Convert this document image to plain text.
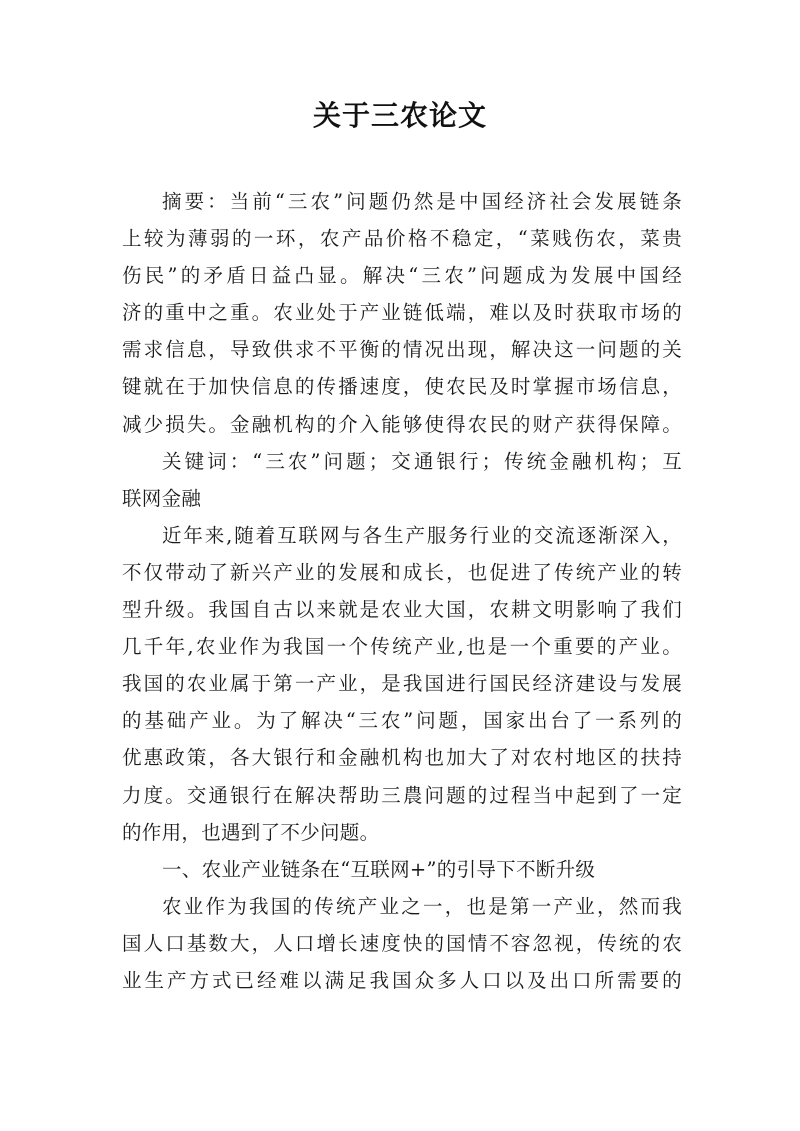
关于三农论文
摘要：当前“三农”问题仍然是中国经济社会发展链条
上较为薄弱的一环，农产品价格不稳定，“菜贱伤农，菜贵
伤民”的矛盾日益凸显。解决“三农”问题成为发展中国经
济的重中之重。农业处于产业链低端，难以及时获取市场的
需求信息，导致供求不平衡的情况出现，解决这一问题的关
键就在于加快信息的传播速度，使农民及时掌握市场信息，
减少损失。金融机构的介入能够使得农民的财产获得保障。
关键词：“三农”问题；交通银行；传统金融机构；互
联网金融
近年来,随着互联网与各生产服务行业的交流逐渐深入，
不仅带动了新兴产业的发展和成长，也促进了传统产业的转
型升级。我国自古以来就是农业大国，农耕文明影响了我们
几千年,农业作为我国一个传统产业,也是一个重要的产业。
我国的农业属于第一产业，是我国进行国民经济建设与发展
的基础产业。为了解决“三农”问题，国家出台了一系列的
优惠政策，各大银行和金融机构也加大了对农村地区的扶持
力度。交通银行在解决帮助三農问题的过程当中起到了一定
的作用，也遇到了不少问题。
一、农业产业链条在“互联网+”的引导下不断升级
农业作为我国的传统产业之一，也是第一产业，然而我
国人口基数大，人口增长速度快的国情不容忽视，传统的农
业生产方式已经难以满足我国众多人口以及出口所需要的
